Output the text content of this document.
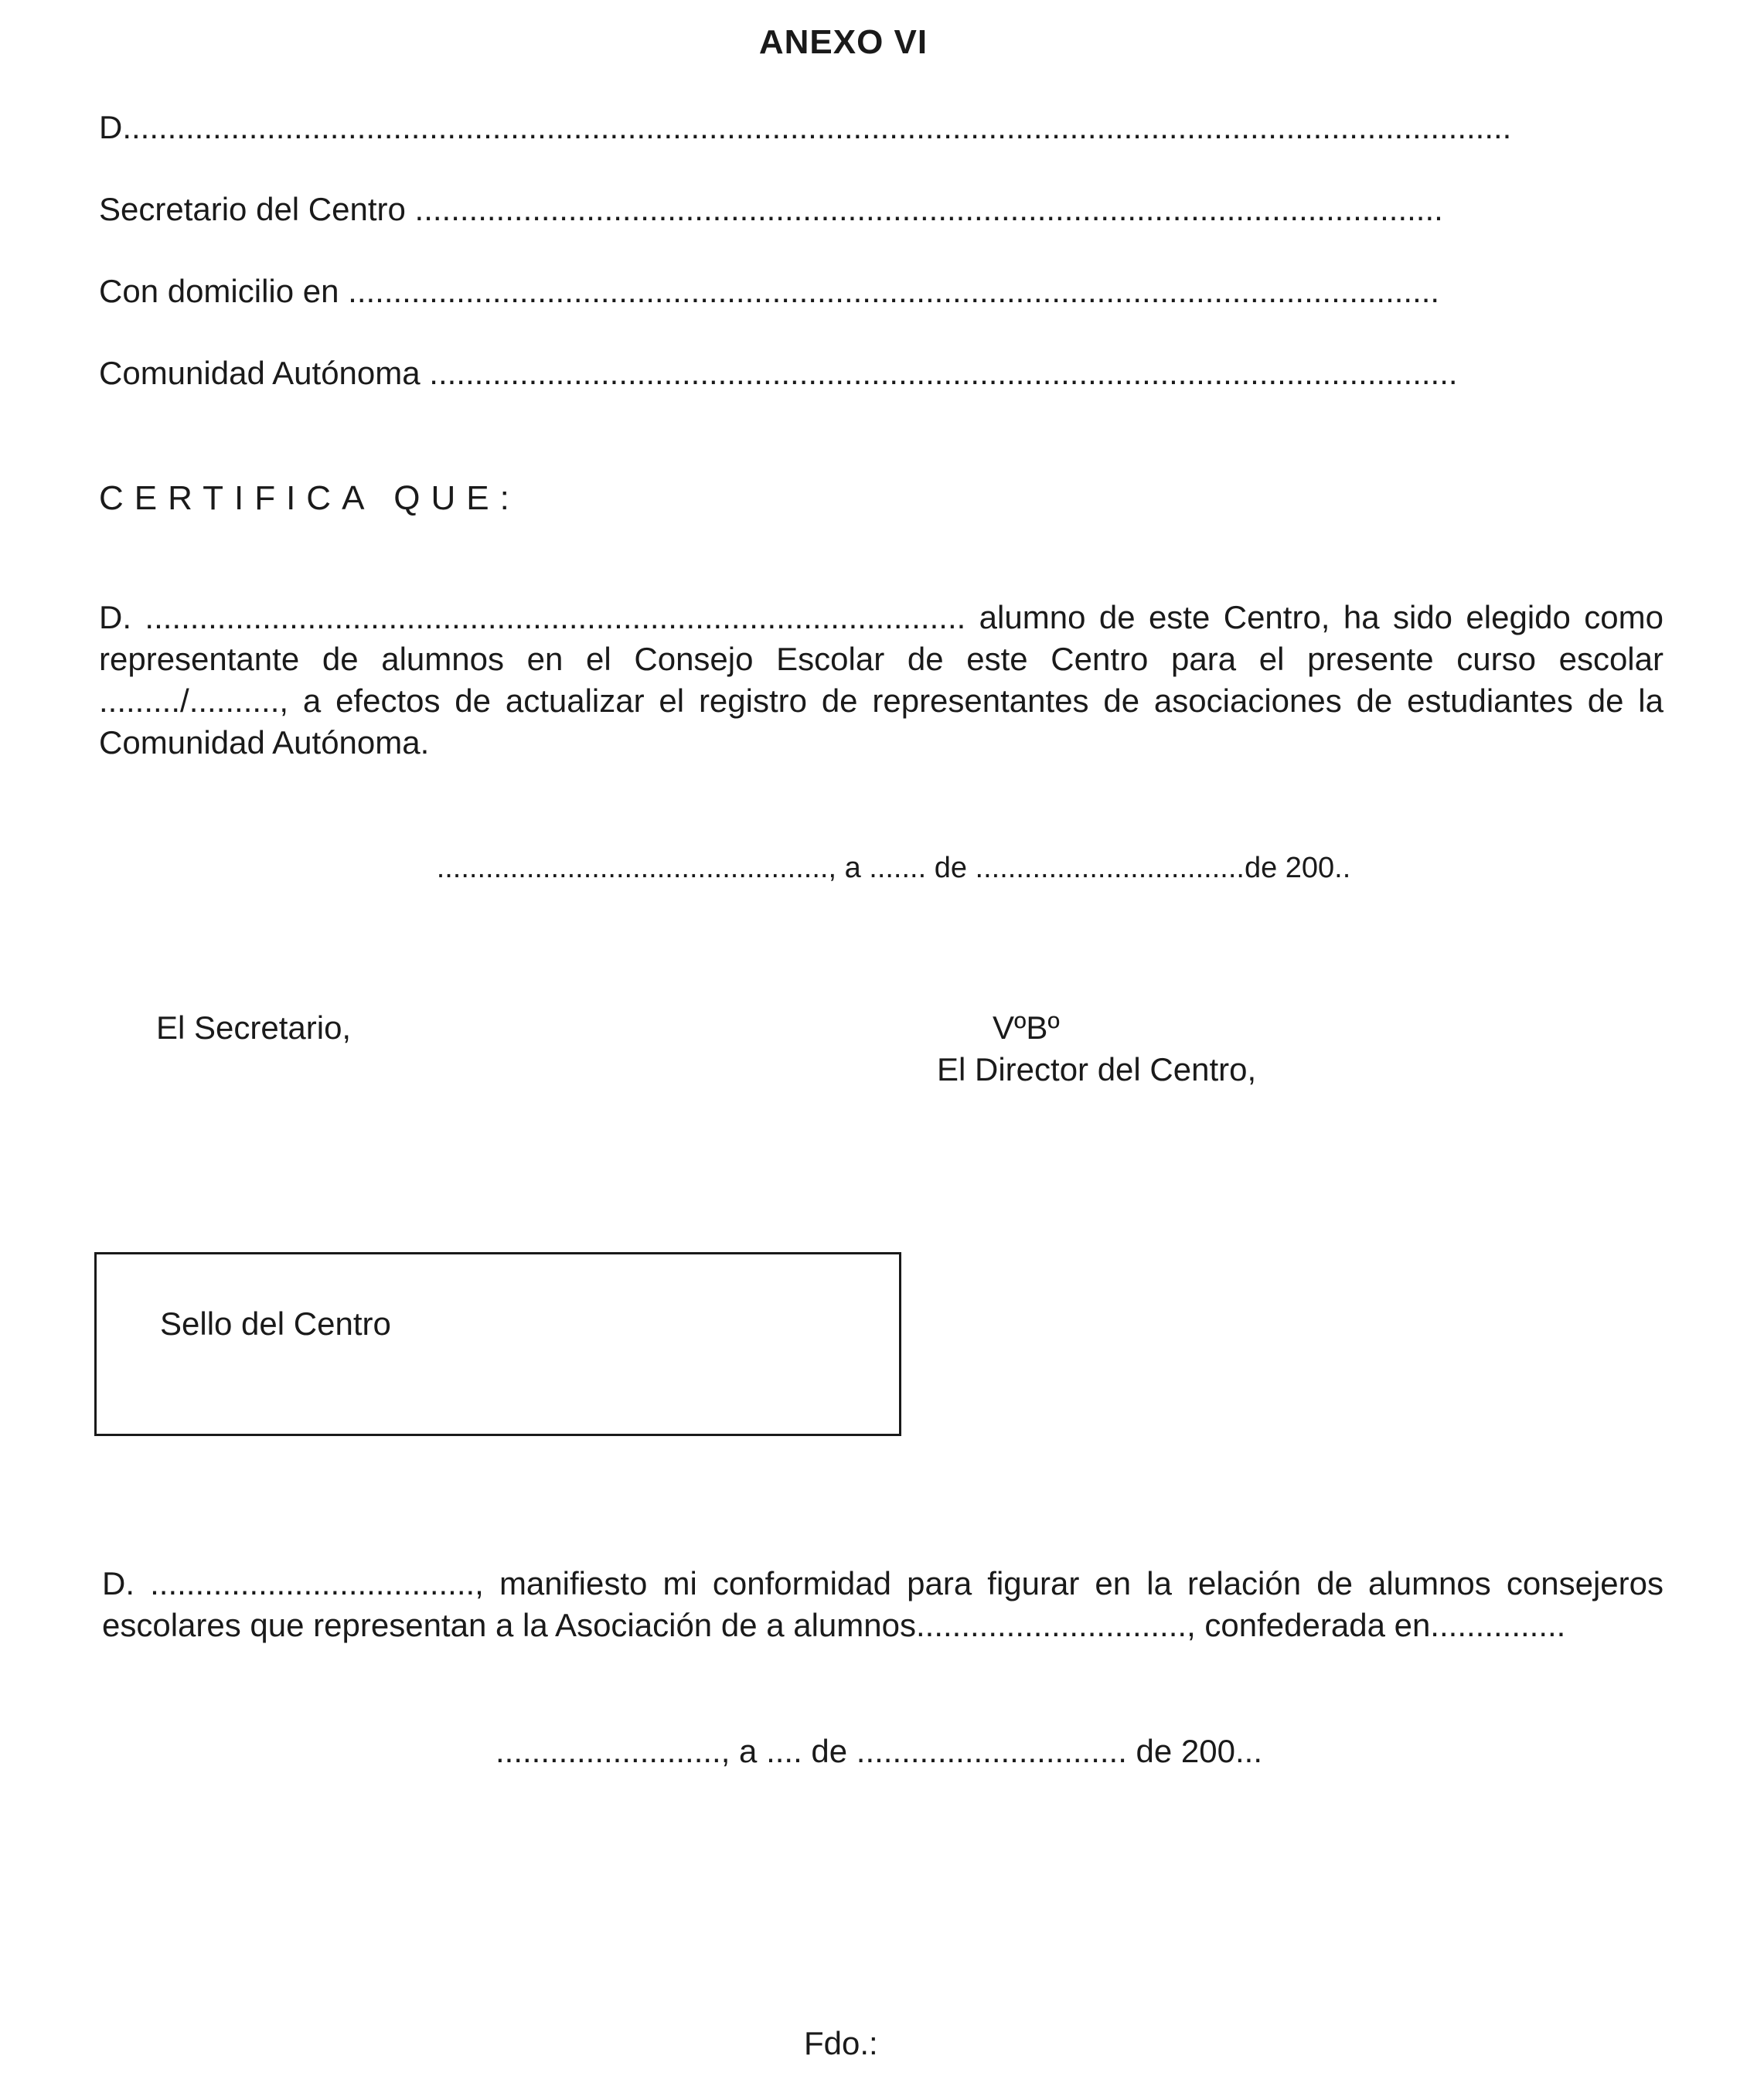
ANEXO VI
D..........................................................................................................................................................
Secretario del Centro ..................................................................................................................
Con domicilio en .........................................................................................................................
Comunidad Autónoma ..................................................................................................................
CERTIFICA QUE:
D. ........................................................................................... alumno de este Centro, ha sido elegido como representante de alumnos en el Consejo Escolar de este Centro para el presente curso escolar ........./.........., a efectos de actualizar el registro de representantes de asociaciones de estudiantes de la Comunidad Autónoma.
................................................, a ....... de .................................de 200..
El Secretario,	VºBº
El Director del Centro,
Sello del Centro
D. ...................................., manifiesto mi conformidad para figurar en la relación de alumnos consejeros escolares que representan a la Asociación de a alumnos.............................., confederada en...............
........................., a .... de .............................. de 200...
Fdo.:
